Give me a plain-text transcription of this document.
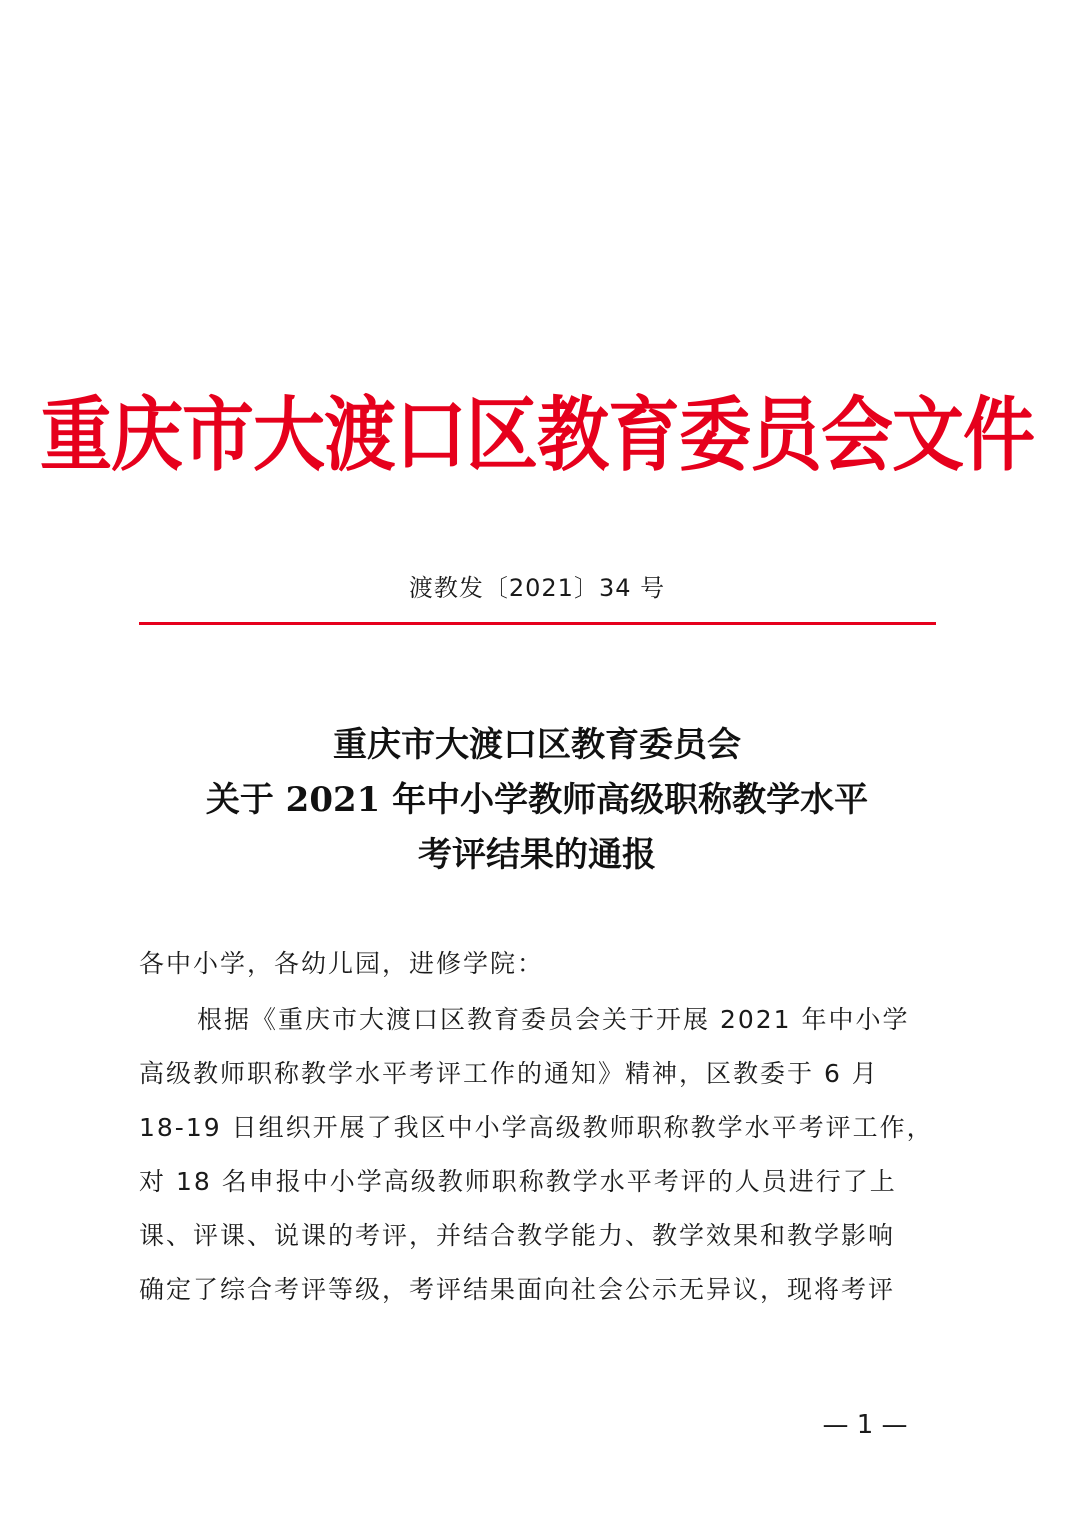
重庆市大渡口区教育委员会文件
渡教发〔2021〕34 号
重庆市大渡口区教育委员会
关于 2021 年中小学教师高级职称教学水平
考评结果的通报
各中小学，各幼儿园，进修学院：
根据《重庆市大渡口区教育委员会关于开展 2021 年中小学
高级教师职称教学水平考评工作的通知》精神，区教委于 6 月
18-19 日组织开展了我区中小学高级教师职称教学水平考评工作，
对 18 名申报中小学高级教师职称教学水平考评的人员进行了上
课、评课、说课的考评，并结合教学能力、教学效果和教学影响
确定了综合考评等级，考评结果面向社会公示无异议，现将考评
— 1 —
